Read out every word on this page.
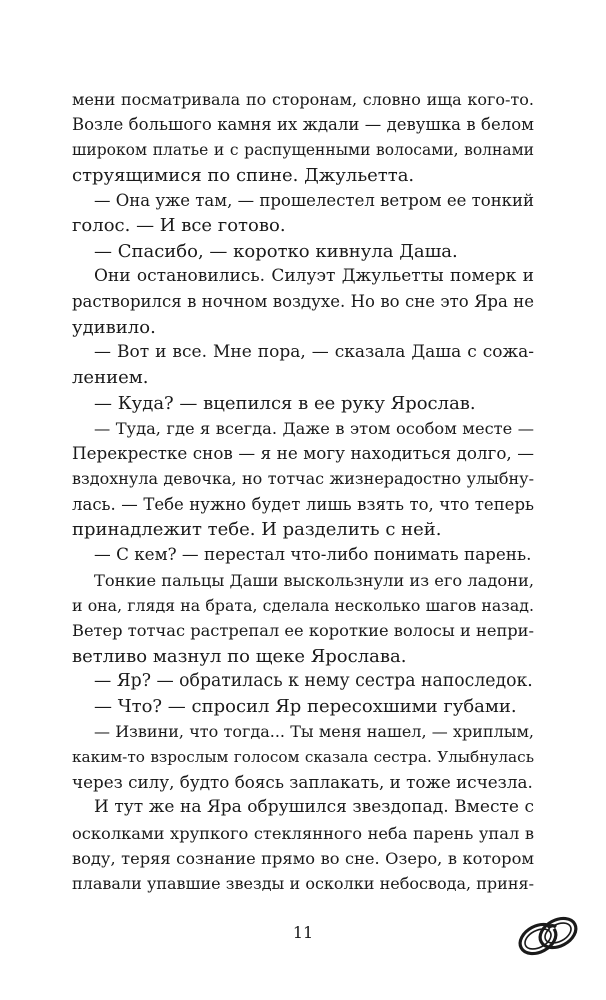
мени посматривала по сторонам, словно ища кого-то.
Возле большого камня их ждали — девушка в белом
широком платье и с распущенными волосами, волнами
струящимися по спине. Джульетта.
— Она уже там, — прошелестел ветром ее тонкий
голос. — И все готово.
— Спасибо, — коротко кивнула Даша.
Они остановились. Силуэт Джульетты померк и
растворился в ночном воздухе. Но во сне это Яра не
удивило.
— Вот и все. Мне пора, — сказала Даша с сожа-
лением.
— Куда? — вцепился в ее руку Ярослав.
— Туда, где я всегда. Даже в этом особом месте —
Перекрестке снов — я не могу находиться долго, —
вздохнула девочка, но тотчас жизнерадостно улыбну-
лась. — Тебе нужно будет лишь взять то, что теперь
принадлежит тебе. И разделить с ней.
— С кем? — перестал что-либо понимать парень.
Тонкие пальцы Даши выскользнули из его ладони,
и она, глядя на брата, сделала несколько шагов назад.
Ветер тотчас растрепал ее короткие волосы и непри-
ветливо мазнул по щеке Ярослава.
— Яр? — обратилась к нему сестра напоследок.
— Что? — спросил Яр пересохшими губами.
— Извини, что тогда... Ты меня нашел, — хриплым,
каким-то взрослым голосом сказала сестра. Улыбнулась
через силу, будто боясь заплакать, и тоже исчезла.
И тут же на Яра обрушился звездопад. Вместе с
осколками хрупкого стеклянного неба парень упал в
воду, теряя сознание прямо во сне. Озеро, в котором
плавали упавшие звезды и осколки небосвода, приня-
11
